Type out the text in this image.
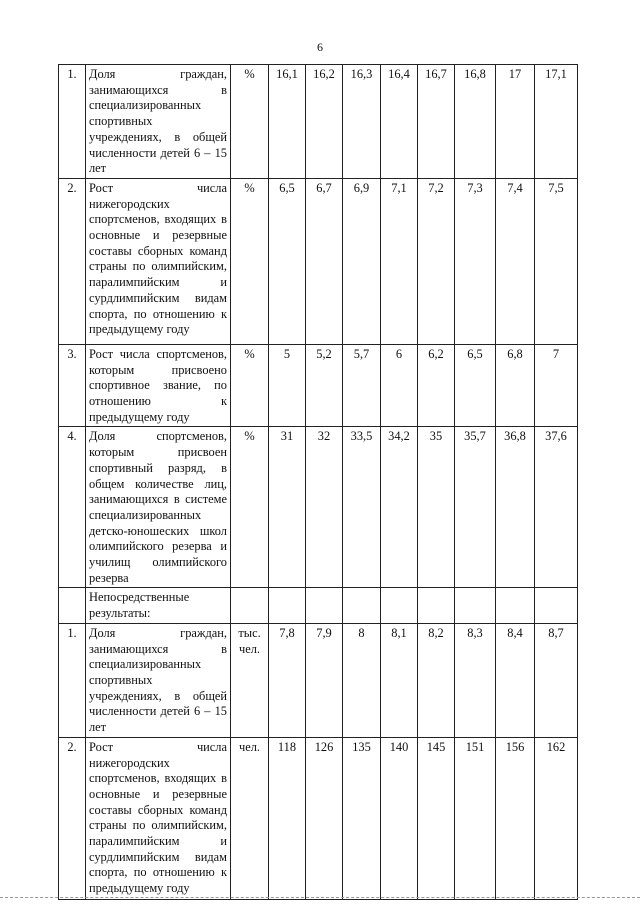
6
1.	Доля граждан, занимающихся в специализированных спортивных учреждениях, в общей численности детей 6 – 15 лет	%	16,1	16,2	16,3	16,4	16,7	16,8	17	17,1
2.	Рост числа нижегородских спортсменов, входящих в основные и резервные составы сборных команд страны по олимпийским, паралимпийским и сурдлимпийским видам спорта, по отношению к предыдущему году	%	6,5	6,7	6,9	7,1	7,2	7,3	7,4	7,5
3.	Рост числа спортсменов, которым присвоено спортивное звание, по отношению к предыдущему году	%	5	5,2	5,7	6	6,2	6,5	6,8	7
4.	Доля спортсменов, которым присвоен спортивный разряд, в общем количестве лиц, занимающихся в системе специализированных детско-юношеских школ олимпийского резерва и училищ олимпийского резерва	%	31	32	33,5	34,2	35	35,7	36,8	37,6
	Непосредственные результаты:									
1.	Доля граждан, занимающихся в специализированных спортивных учреждениях, в общей численности детей 6 – 15 лет	тыс. чел.	7,8	7,9	8	8,1	8,2	8,3	8,4	8,7
2.	Рост числа нижегородских спортсменов, входящих в основные и резервные составы сборных команд страны по олимпийским, паралимпийским и сурдлимпийским видам спорта, по отношению к предыдущему году	чел.	118	126	135	140	145	151	156	162
